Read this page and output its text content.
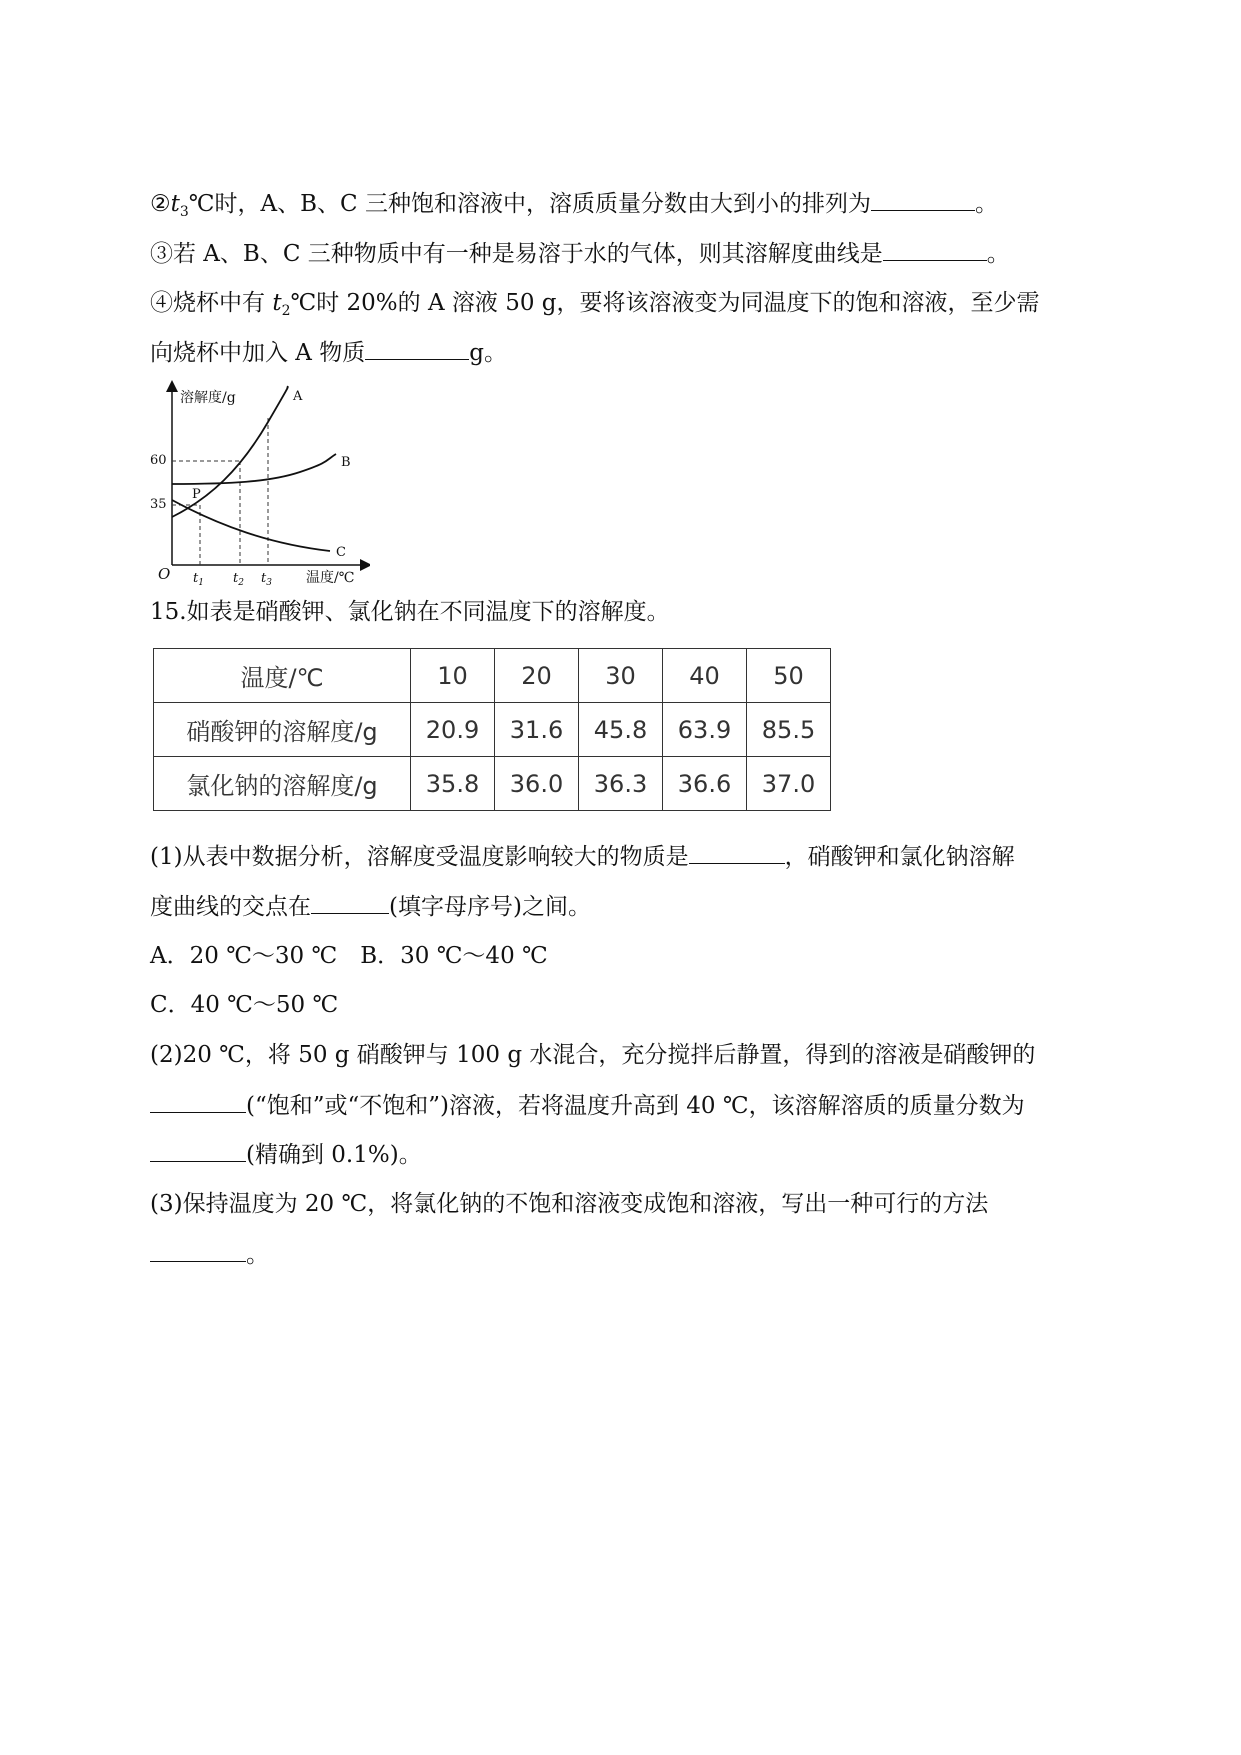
$②t_3℃$时，A、B、C 三种饱和溶液中，溶质质量分数由大到小的排列为	。
③若 A、B、C 三种物质中有一种是易溶于水的气体，则其溶解度曲线是	。
④烧杯中有 $t_2℃$时 20%的 A 溶液 50 g，要将该溶液变为同温度下的饱和溶液，至少需
向烧杯中加入 A 物质	g。
溶解度/g
温度/℃
O
60
35
A
B
C
P
$t_1$ $t_2$ $t_3$
15.如表是硝酸钾、氯化钠在不同温度下的溶解度。
温度/℃	10	20	30	40	50
硝酸钾的溶解度/g	20.9	31.6	45.8	63.9	85.5
氯化钠的溶解度/g	35.8	36.0	36.3	36.6	37.0
(1)从表中数据分析，溶解度受温度影响较大的物质是	，硝酸钾和氯化钠溶解
度曲线的交点在	(填字母序号)之间。
A．20 ℃～30 ℃　B．30 ℃～40 ℃
C．40 ℃～50 ℃
(2)20 ℃，将 50 g 硝酸钾与 100 g 水混合，充分搅拌后静置，得到的溶液是硝酸钾的
(“饱和”或“不饱和”)溶液，若将温度升高到 40 ℃，该溶解溶质的质量分数为
(精确到 0.1%)。
(3)保持温度为 20 ℃，将氯化钠的不饱和溶液变成饱和溶液，写出一种可行的方法
。
